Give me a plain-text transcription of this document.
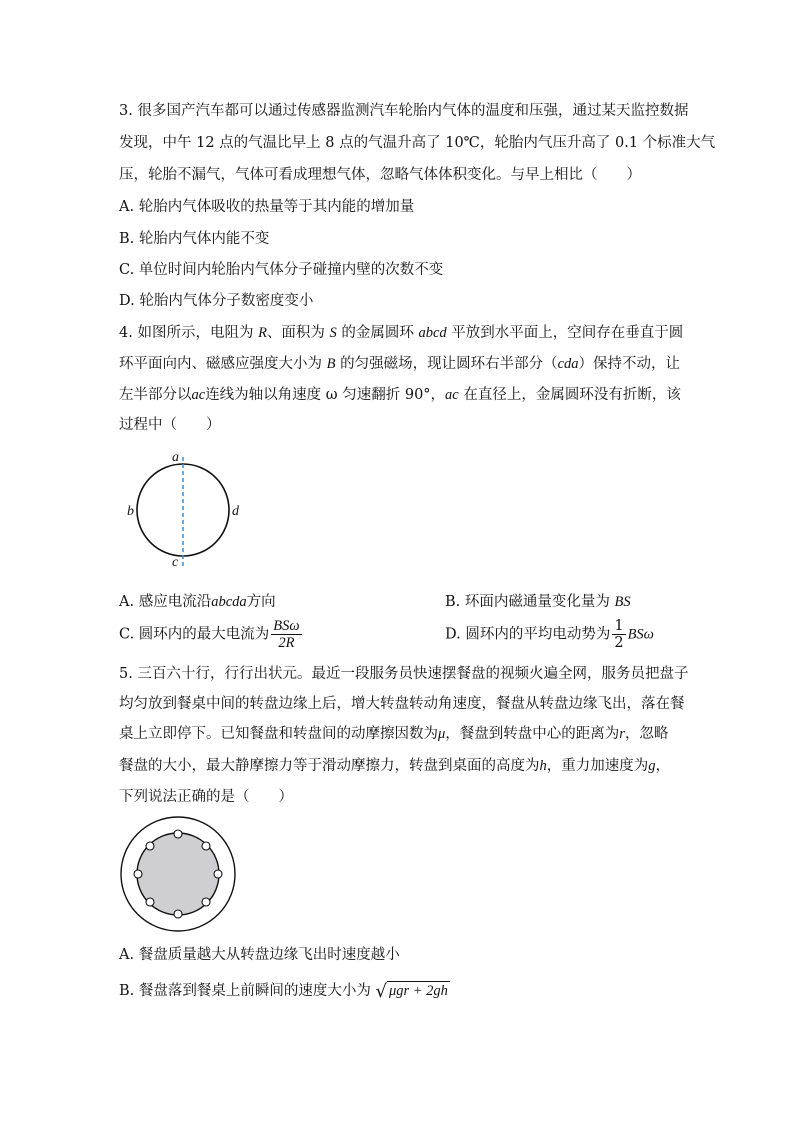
3. 很多国产汽车都可以通过传感器监测汽车轮胎内气体的温度和压强，通过某天监控数据
发现，中午 12 点的气温比早上 8 点的气温升高了 10℃，轮胎内气压升高了 0.1 个标准大气
压，轮胎不漏气，气体可看成理想气体，忽略气体体积变化。与早上相比（　　）
A. 轮胎内气体吸收的热量等于其内能的增加量
B. 轮胎内气体内能不变
C. 单位时间内轮胎内气体分子碰撞内壁的次数不变
D. 轮胎内气体分子数密度变小
4. 如图所示，电阻为 R、面积为 S 的金属圆环 abcd 平放到水平面上，空间存在垂直于圆
环平面向内、磁感应强度大小为 B 的匀强磁场，现让圆环右半部分（cda）保持不动，让
左半部分以ac连线为轴以角速度 ω 匀速翻折 90°，ac 在直径上，金属圆环没有折断，该
过程中（　　）
a
b
c
d
A. 感应电流沿abcda方向	B. 环面内磁通量变化量为 BS
C. 圆环内的最大电流为 $\frac{\text{BSω}}{2R}$	D. 圆环内的平均电动势为 $\frac{1}{2}$ BSω
5. 三百六十行，行行出状元。最近一段服务员快速摆餐盘的视频火遍全网，服务员把盘子
均匀放到餐桌中间的转盘边缘上后，增大转盘转动角速度，餐盘从转盘边缘飞出，落在餐
桌上立即停下。已知餐盘和转盘间的动摩擦因数为μ，餐盘到转盘中心的距离为r，忽略
餐盘的大小，最大静摩擦力等于滑动摩擦力，转盘到桌面的高度为h，重力加速度为g，
下列说法正确的是（　　）
A. 餐盘质量越大从转盘边缘飞出时速度越小
B. 餐盘落到餐桌上前瞬间的速度大小为 √ μgr + 2gh
